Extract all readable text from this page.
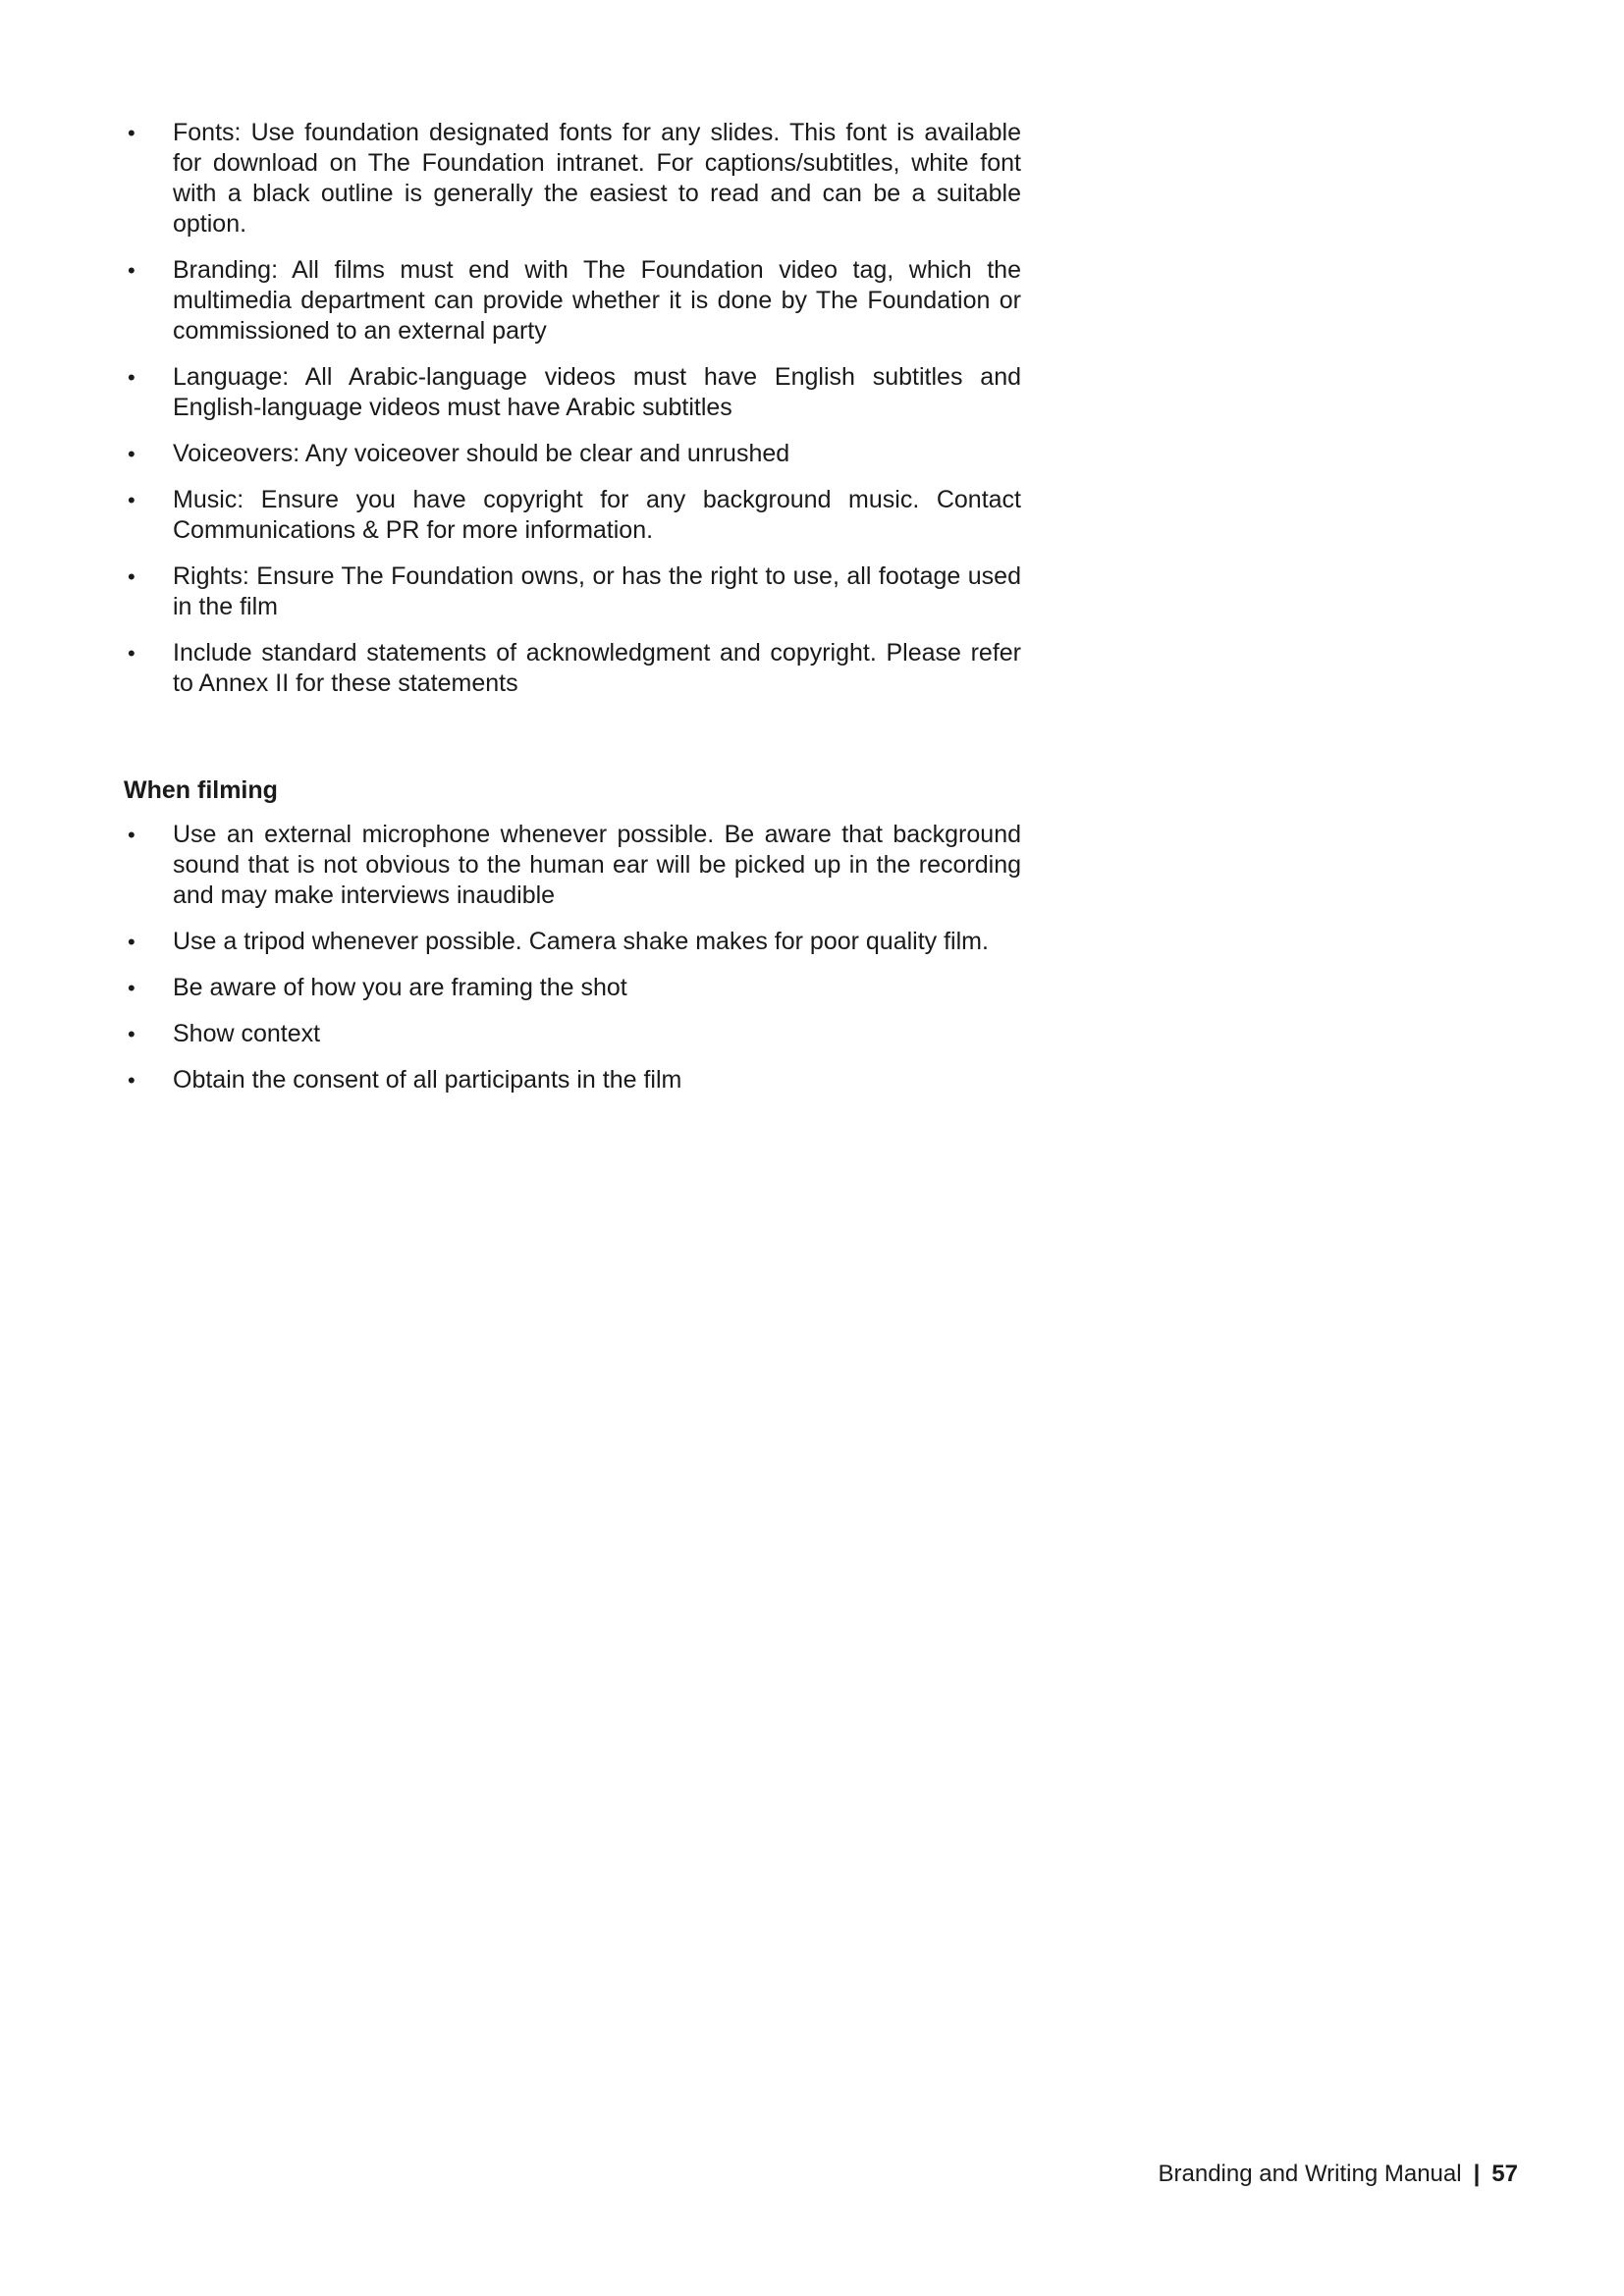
• Fonts: Use foundation designated fonts for any slides. This font is available for download on The Foundation intranet. For captions/subtitles, white font with a black outline is generally the easiest to read and can be a suitable option.
• Branding: All films must end with The Foundation video tag, which the multimedia department can provide whether it is done by The Foundation or commissioned to an external party
• Language: All Arabic-language videos must have English subtitles and English-language videos must have Arabic subtitles
• Voiceovers: Any voiceover should be clear and unrushed
• Music: Ensure you have copyright for any background music. Contact Communications & PR for more information.
• Rights: Ensure The Foundation owns, or has the right to use, all footage used in the film
• Include standard statements of acknowledgment and copyright. Please refer to Annex II for these statements
When filming
• Use an external microphone whenever possible. Be aware that background sound that is not obvious to the human ear will be picked up in the recording and may make interviews inaudible
• Use a tripod whenever possible. Camera shake makes for poor quality film.
• Be aware of how you are framing the shot
• Show context
• Obtain the consent of all participants in the film
Branding and Writing Manual | 57
